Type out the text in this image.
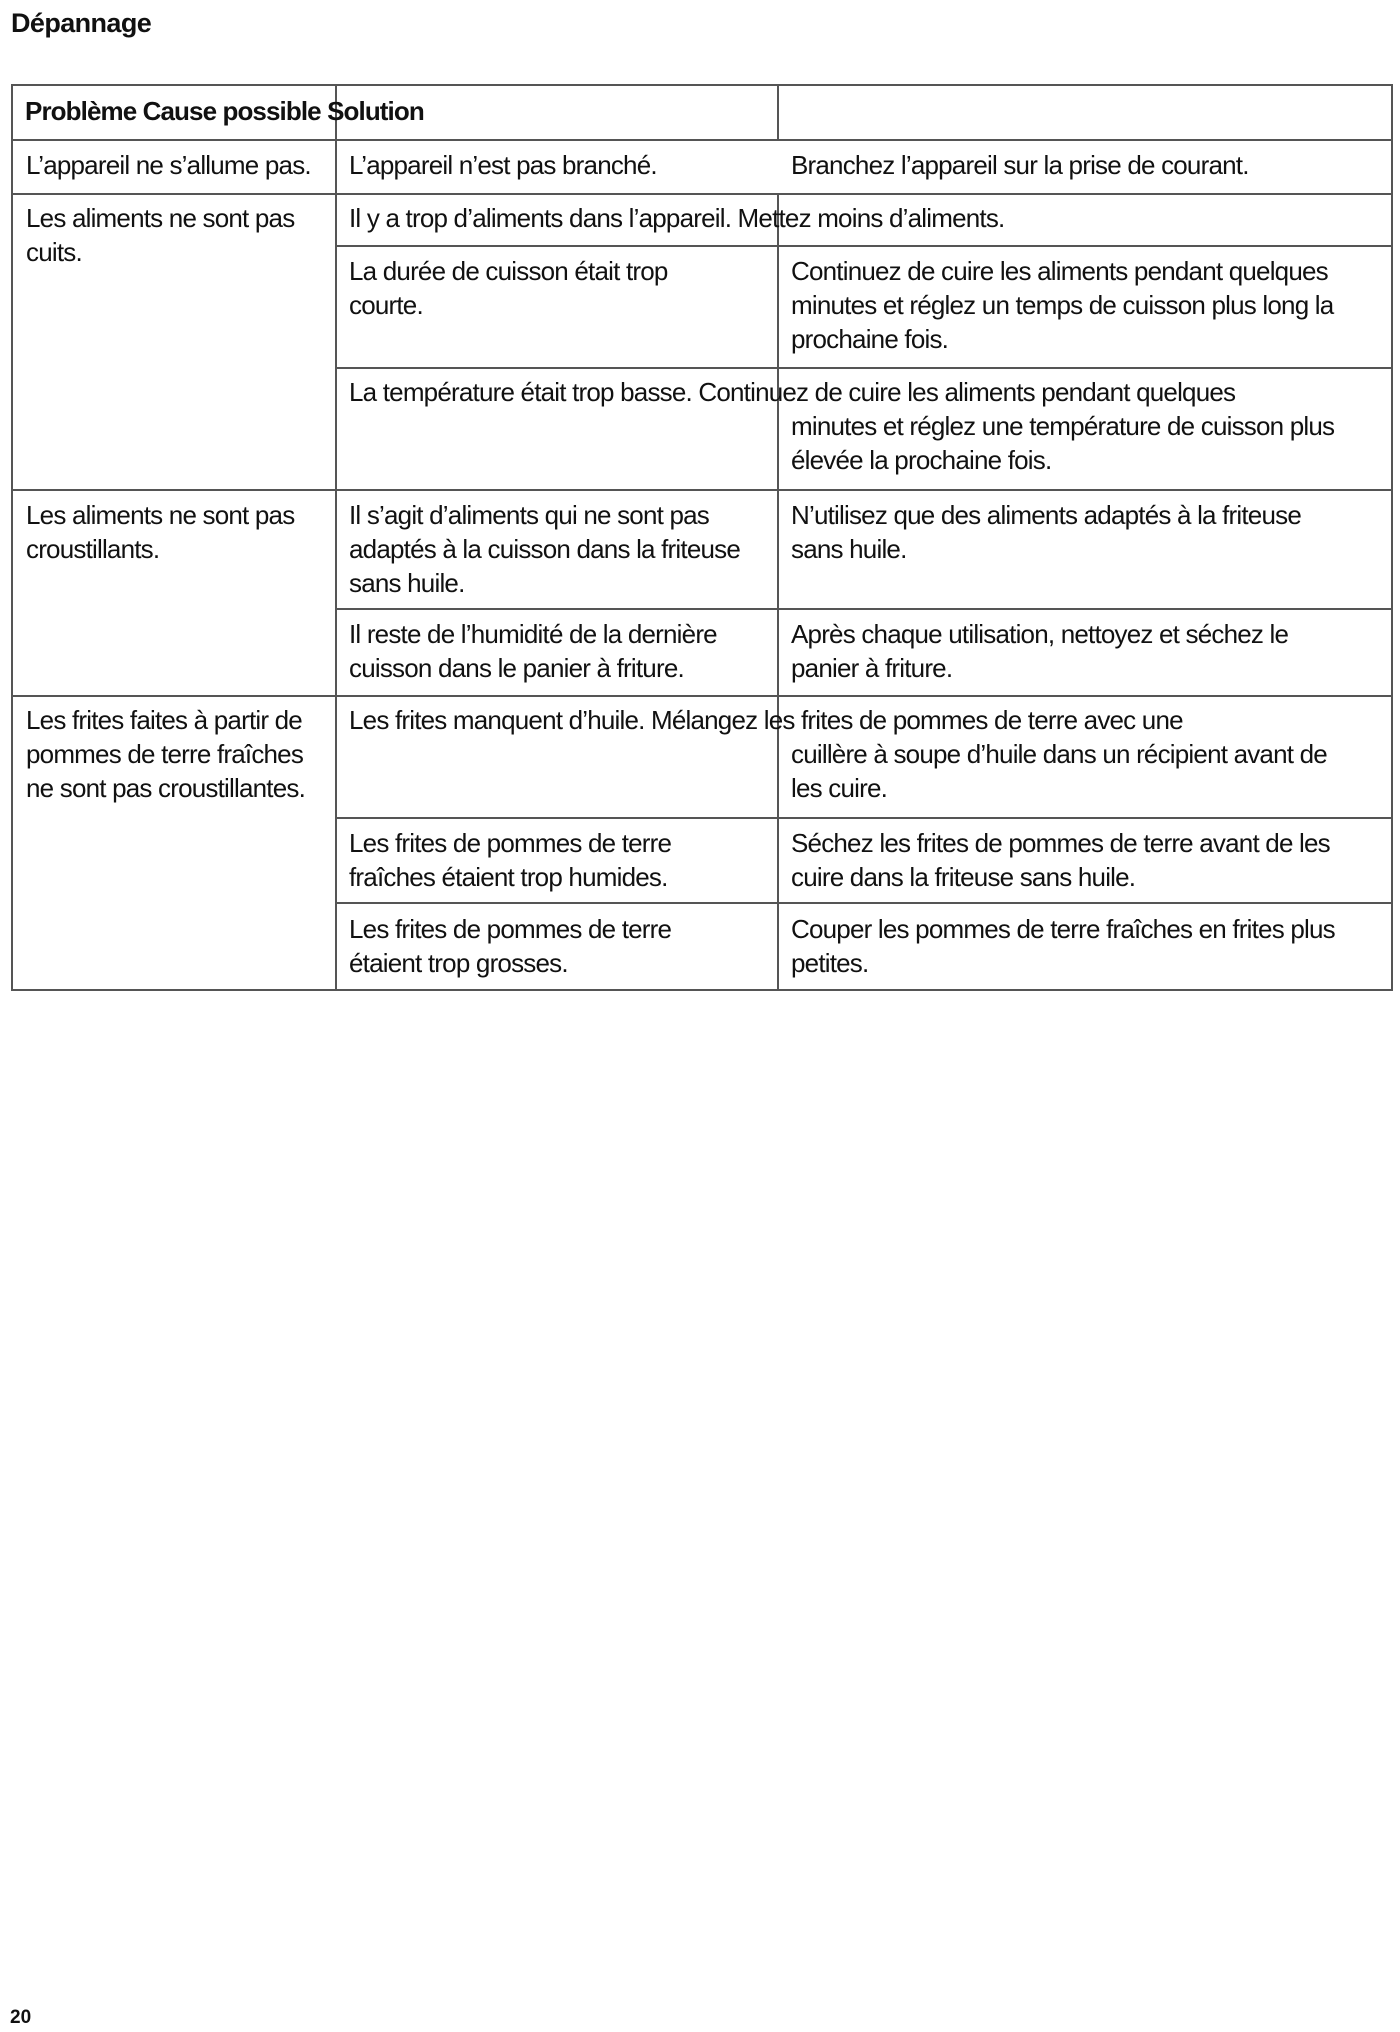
Dépannage
Problème Cause possible Solution
L’appareil ne s’allume pas. L’appareil n’est pas branché.	Branchez l’appareil sur la prise de courant.
Les aliments ne sont pas
cuits.
Il y a trop d’aliments dans l’appareil. Mettez moins d’aliments.
La durée de cuisson était trop
courte.
Continuez de cuire les aliments pendant quelques
minutes et réglez un temps de cuisson plus long la
prochaine fois.
La température était trop basse. Continuez de cuire les aliments pendant quelques
minutes et réglez une température de cuisson plus
élevée la prochaine fois.
Les aliments ne sont pas
croustillants.
Il s’agit d’aliments qui ne sont pas
adaptés à la cuisson dans la friteuse
sans huile.
N’utilisez que des aliments adaptés à la friteuse
sans huile.
Il reste de l’humidité de la dernière
cuisson dans le panier à friture.
Après chaque utilisation, nettoyez et séchez le
panier à friture.
Les frites faites à partir de
pommes de terre fraîches
ne sont pas croustillantes.
Les frites manquent d’huile. Mélangez les frites de pommes de terre avec une
cuillère à soupe d’huile dans un récipient avant de
les cuire.
Les frites de pommes de terre
fraîches étaient trop humides.
Séchez les frites de pommes de terre avant de les
cuire dans la friteuse sans huile.
Les frites de pommes de terre
étaient trop grosses.
Couper les pommes de terre fraîches en frites plus
petites.
20
